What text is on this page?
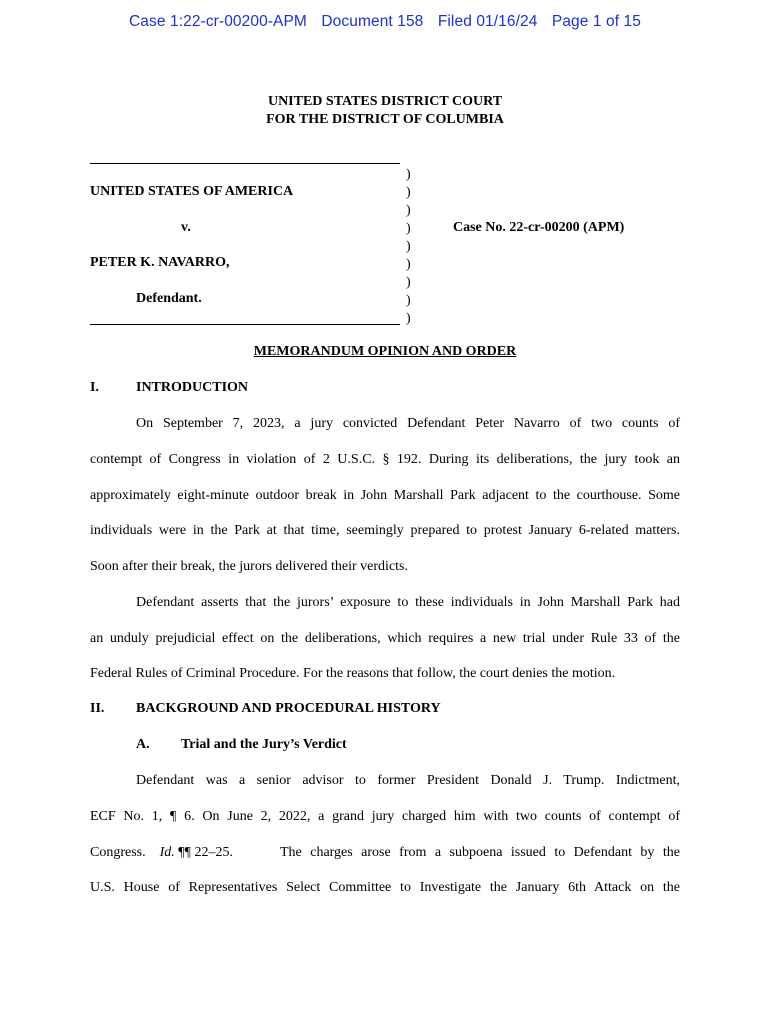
Case 1:22-cr-00200-APM Document 158 Filed 01/16/24 Page 1 of 15
UNITED STATES DISTRICT COURT
FOR THE DISTRICT OF COLUMBIA
)
)
)
)
)
)
)
)
)
UNITED STATES OF AMERICA
v.
PETER K. NAVARRO,
Defendant.
Case No. 22-cr-00200 (APM)
MEMORANDUM OPINION AND ORDER
I.	INTRODUCTION
On September 7, 2023, a jury convicted Defendant Peter Navarro of two counts of
contempt of Congress in violation of 2 U.S.C. § 192. During its deliberations, the jury took an
approximately eight-minute outdoor break in John Marshall Park adjacent to the courthouse. Some
individuals were in the Park at that time, seemingly prepared to protest January 6-related matters.
Soon after their break, the jurors delivered their verdicts.
Defendant asserts that the jurors’ exposure to these individuals in John Marshall Park had
an unduly prejudicial effect on the deliberations, which requires a new trial under Rule 33 of the
Federal Rules of Criminal Procedure. For the reasons that follow, the court denies the motion.
II. BACKGROUND AND PROCEDURAL HISTORY
A. Trial and the Jury’s Verdict
Defendant was a senior advisor to former President Donald J. Trump. Indictment,
ECF No. 1, ¶ 6. On June 2, 2022, a grand jury charged him with two counts of contempt of
Congress. Id. ¶¶ 22–25.	The charges arose from a subpoena issued to Defendant by the
U.S. House of Representatives Select Committee to Investigate the January 6th Attack on the
